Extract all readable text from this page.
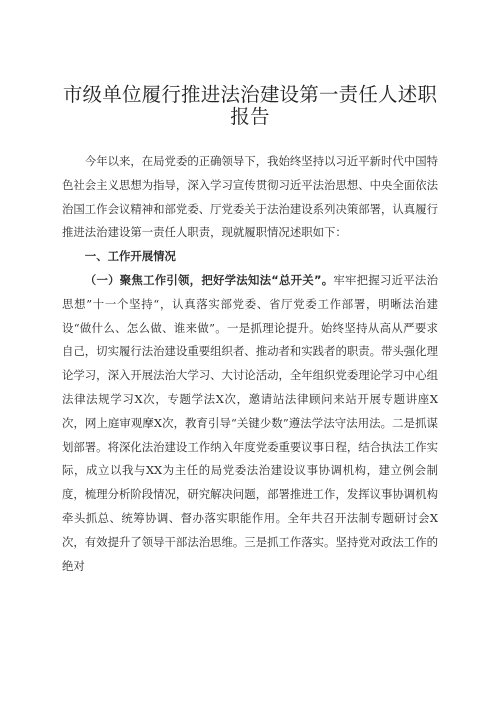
市级单位履行推进法治建设第一责任人述职报告

今年以来，在局党委的正确领导下，我始终坚持以习近平新时代中国特色社会主义思想为指导，深入学习宣传贯彻习近平法治思想、中央全面依法治国工作会议精神和部党委、厅党委关于法治建设系列决策部署，认真履行推进法治建设第一责任人职责，现就履职情况述职如下：

一、工作开展情况

（一）聚焦工作引领，把好学法知法“总开关”。牢牢把握习近平法治思想”十一个坚持“，认真落实部党委、省厅党委工作部署，明晰法治建设“做什么、怎么做、谁来做”。一是抓理论提升。始终坚持从高从严要求自己，切实履行法治建设重要组织者、推动者和实践者的职责。带头强化理论学习，深入开展法治大学习、大讨论活动，全年组织党委理论学习中心组法律法规学习X次，专题学法X次，邀请站法律顾问来站开展专题讲座X次，网上庭审观摩X次，教育引导“关键少数”遵法学法守法用法。二是抓谋划部署。将深化法治建设工作纳入年度党委重要议事日程，结合执法工作实际，成立以我与XX为主任的局党委法治建设议事协调机构，建立例会制度，梳理分析阶段情况，研究解决问题，部署推进工作，发挥议事协调机构牵头抓总、统筹协调、督办落实职能作用。全年共召开法制专题研讨会X次，有效提升了领导干部法治思维。三是抓工作落实。坚持党对政法工作的绝对
